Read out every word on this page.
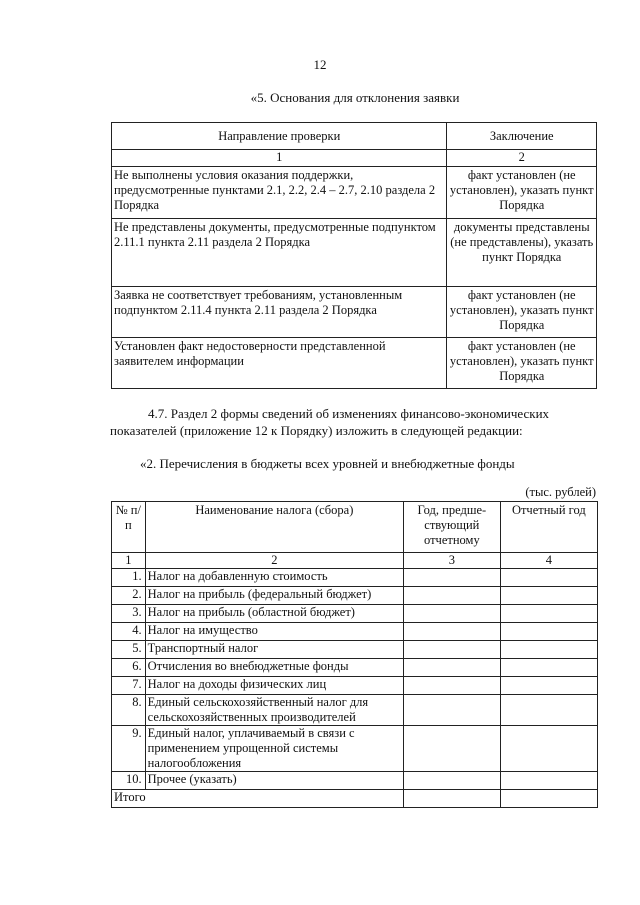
12
«5. Основания для отклонения заявки
Направление проверки	Заключение
1	2
Не выполнены условия оказания поддержки, предусмотренные пунктами 2.1, 2.2, 2.4 – 2.7, 2.10 раздела 2 Порядка	факт установлен (не установлен), указать пункт Порядка
Не представлены документы, предусмотренные подпунктом 2.11.1 пункта 2.11 раздела 2 Порядка	документы представлены (не представлены), указать пункт Порядка
Заявка не соответствует требованиям, установленным подпунктом 2.11.4 пункта 2.11 раздела 2 Порядка	факт установлен (не установлен), указать пункт Порядка
Установлен факт недостоверности представленной заявителем информации	факт установлен (не установлен), указать пункт Порядка
4.7. Раздел 2 формы сведений об изменениях финансово-экономических показателей (приложение 12 к Порядку) изложить в следующей редакции:
«2. Перечисления в бюджеты всех уровней и внебюджетные фонды
(тыс. рублей)
№ п/п	Наименование налога (сбора)	Год, предше-ствующий отчетному	Отчетный год
1	2	3	4
1.	Налог на добавленную стоимость		
2.	Налог на прибыль (федеральный бюджет)		
3.	Налог на прибыль (областной бюджет)		
4.	Налог на имущество		
5.	Транспортный налог		
6.	Отчисления во внебюджетные фонды		
7.	Налог на доходы физических лиц		
8.	Единый сельскохозяйственный налог для сельскохозяйственных производителей		
9.	Единый налог, уплачиваемый в связи с применением упрощенной системы налогообложения		
10.	Прочее (указать)		
Итого			
